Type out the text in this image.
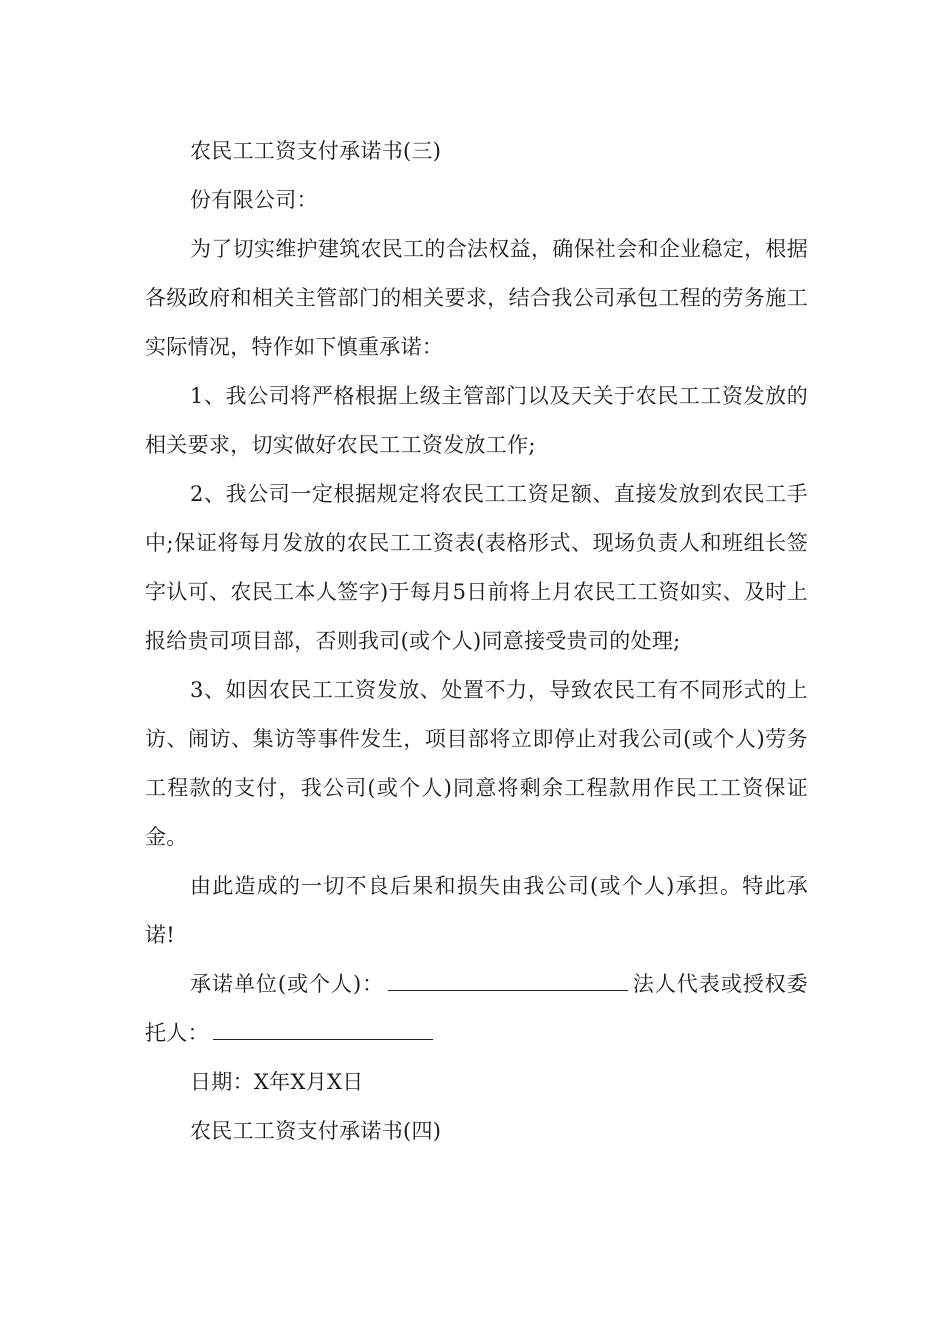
农民工工资支付承诺书(三)

份有限公司：

为了切实维护建筑农民工的合法权益，确保社会和企业稳定，根据各级政府和相关主管部门的相关要求，结合我公司承包工程的劳务施工实际情况，特作如下慎重承诺：

1、我公司将严格根据上级主管部门以及天关于农民工工资发放的相关要求，切实做好农民工工资发放工作;

2、我公司一定根据规定将农民工工资足额、直接发放到农民工手中;保证将每月发放的农民工工资表(表格形式、现场负责人和班组长签字认可、农民工本人签字)于每月5日前将上月农民工工资如实、及时上报给贵司项目部，否则我司(或个人)同意接受贵司的处理;

3、如因农民工工资发放、处置不力，导致农民工有不同形式的上访、闹访、集访等事件发生，项目部将立即停止对我公司(或个人)劳务工程款的支付，我公司(或个人)同意将剩余工程款用作民工工资保证金。

由此造成的一切不良后果和损失由我公司(或个人)承担。特此承诺!

承诺单位(或个人)：	法人代表或授权委托人：

日期：X年X月X日

农民工工资支付承诺书(四)
